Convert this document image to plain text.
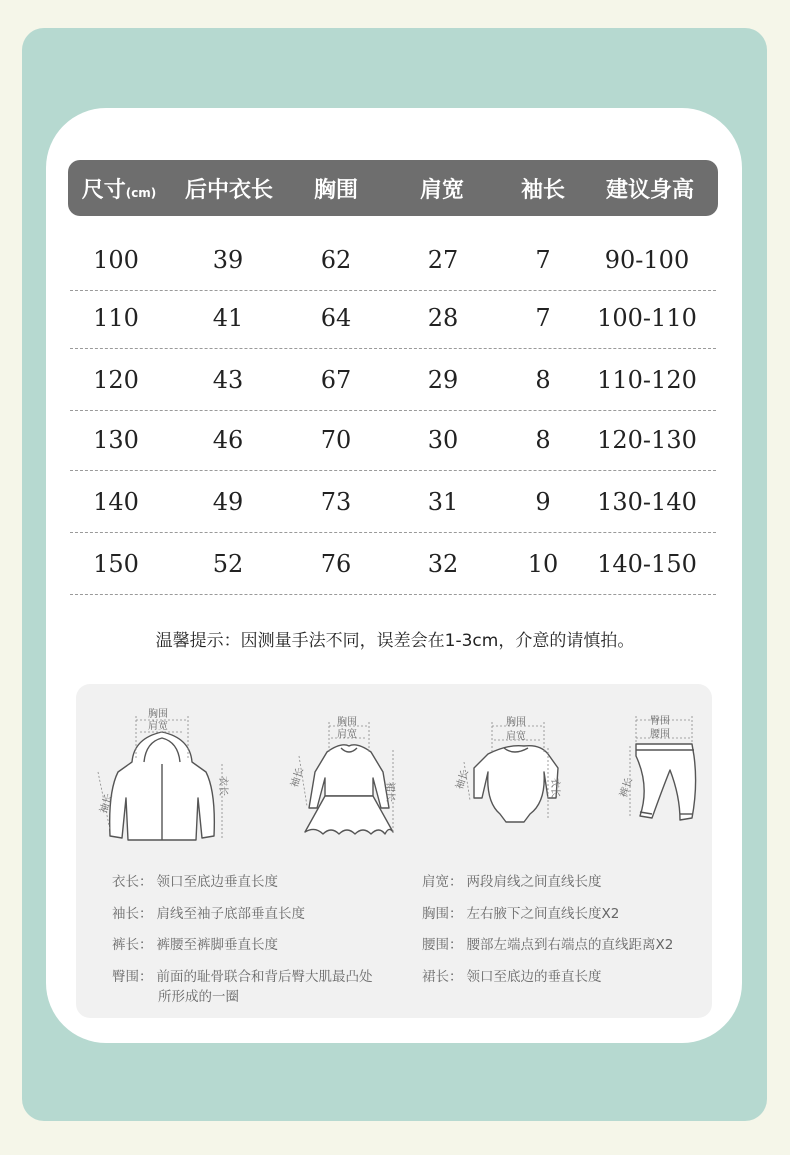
尺寸(cm)	后中衣长	胸围	肩宽	袖长	建议身高
100	39	62	27	7	90-100
110	41	64	28	7	100-110
120	43	67	29	8	110-120
130	46	70	30	8	120-130
140	49	73	31	9	130-140
150	52	76	32	10	140-150
温馨提示：因测量手法不同，误差会在1-3cm，介意的请慎拍。
胸围
肩宽
袖长
衣长
胸围
肩宽
袖长
裙长
胸围
肩宽
袖长	衣长
臀围
腰围
裤长
衣长： 领口至底边垂直长度
袖长： 肩线至袖子底部垂直长度
裤长： 裤腰至裤脚垂直长度
臀围： 前面的耻骨联合和背后臀大肌最凸处
所形成的一圈
肩宽： 两段肩线之间直线长度
胸围： 左右腋下之间直线长度X2
腰围： 腰部左端点到右端点的直线距离X2
裙长： 领口至底边的垂直长度
